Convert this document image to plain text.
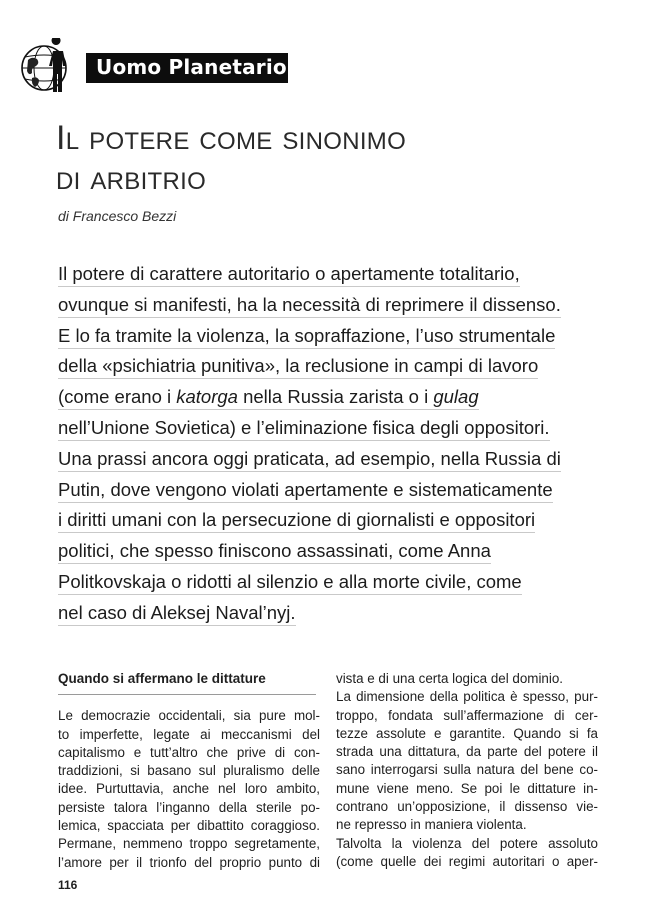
Uomo Planetario
Il potere come sinonimo
di arbitrio
di Francesco Bezzi
Il potere di carattere autoritario o apertamente totalitario,
ovunque si manifesti, ha la necessità di reprimere il dissenso.
E lo fa tramite la violenza, la sopraffazione, l’uso strumentale
della «psichiatria punitiva», la reclusione in campi di lavoro
(come erano i katorga nella Russia zarista o i gulag
nell’Unione Sovietica) e l’eliminazione fisica degli oppositori.
Una prassi ancora oggi praticata, ad esempio, nella Russia di
Putin, dove vengono violati apertamente e sistematicamente
i diritti umani con la persecuzione di giornalisti e oppositori
politici, che spesso finiscono assassinati, come Anna
Politkovskaja o ridotti al silenzio e alla morte civile, come
nel caso di Aleksej Naval’nyj.
Quando si affermano le dittature
Le democrazie occidentali, sia pure mol-
to imperfette, legate ai meccanismi del
capitalismo e tutt’altro che prive di con-
traddizioni, si basano sul pluralismo delle
idee. Purtuttavia, anche nel loro ambito,
persiste talora l’inganno della sterile po-
lemica, spacciata per dibattito coraggioso.
Permane, nemmeno troppo segretamente,
l’amore per il trionfo del proprio punto di
vista e di una certa logica del dominio.
La dimensione della politica è spesso, pur-
troppo, fondata sull’affermazione di cer-
tezze assolute e garantite. Quando si fa
strada una dittatura, da parte del potere il
sano interrogarsi sulla natura del bene co-
mune viene meno. Se poi le dittature in-
contrano un’opposizione, il dissenso vie-
ne represso in maniera violenta.
Talvolta la violenza del potere assoluto
(come quelle dei regimi autoritari o aper-
116
